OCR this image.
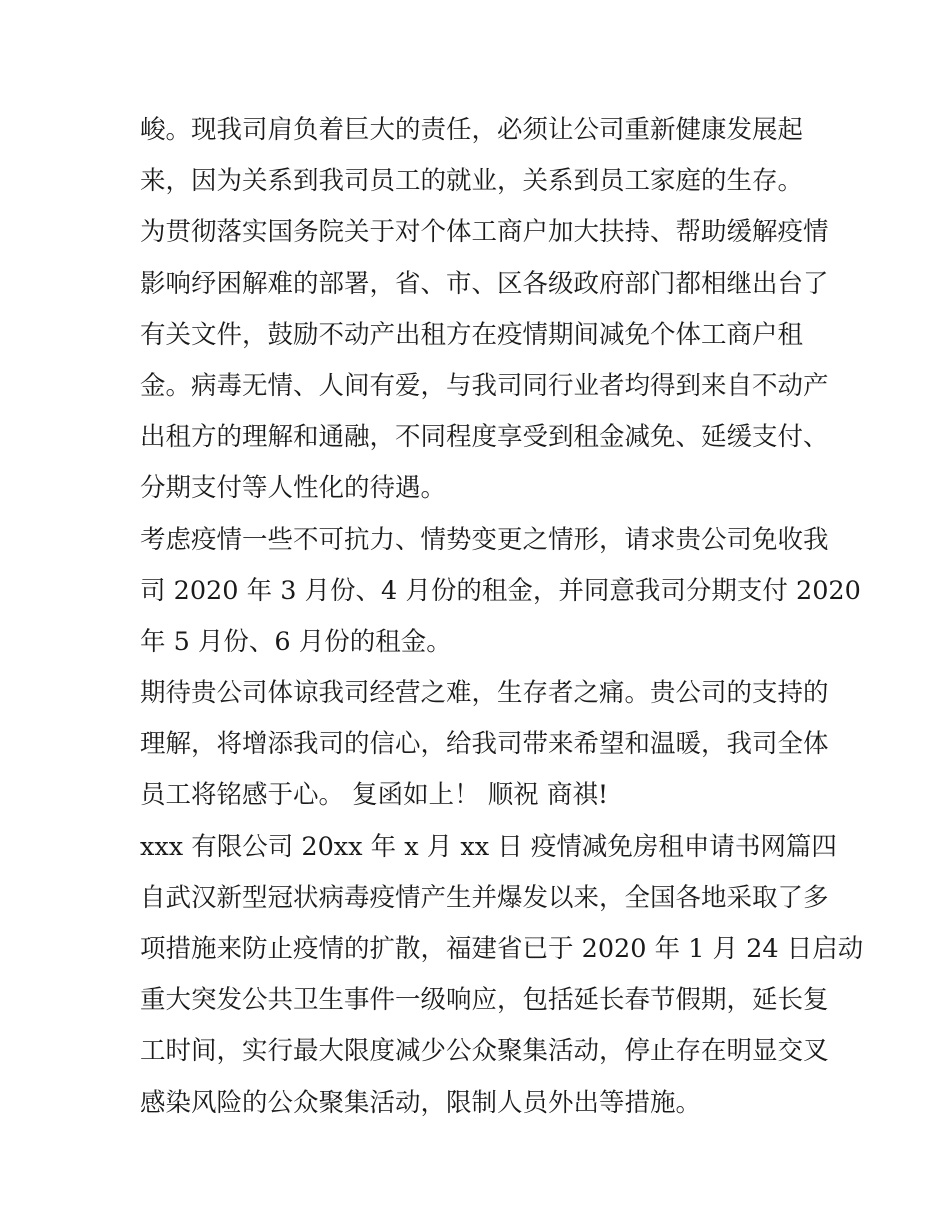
峻。现我司肩负着巨大的责任，必须让公司重新健康发展起
来，因为关系到我司员工的就业，关系到员工家庭的生存。
为贯彻落实国务院关于对个体工商户加大扶持、帮助缓解疫情
影响纾困解难的部署，省、市、区各级政府部门都相继出台了
有关文件，鼓励不动产出租方在疫情期间减免个体工商户租
金。病毒无情、人间有爱，与我司同行业者均得到来自不动产
出租方的理解和通融，不同程度享受到租金减免、延缓支付、
分期支付等人性化的待遇。
考虑疫情一些不可抗力、情势变更之情形，请求贵公司免收我
司 2020 年 3 月份、4 月份的租金，并同意我司分期支付 2020
年 5 月份、6 月份的租金。
期待贵公司体谅我司经营之难，生存者之痛。贵公司的支持的
理解，将增添我司的信心，给我司带来希望和温暖，我司全体
员工将铭感于心。 复函如上！ 顺祝 商祺!
xxx 有限公司 20xx 年 x 月 xx 日 疫情减免房租申请书网篇四
自武汉新型冠状病毒疫情产生并爆发以来，全国各地采取了多
项措施来防止疫情的扩散，福建省已于 2020 年 1 月 24 日启动
重大突发公共卫生事件一级响应，包括延长春节假期，延长复
工时间，实行最大限度减少公众聚集活动，停止存在明显交叉
感染风险的公众聚集活动，限制人员外出等措施。
